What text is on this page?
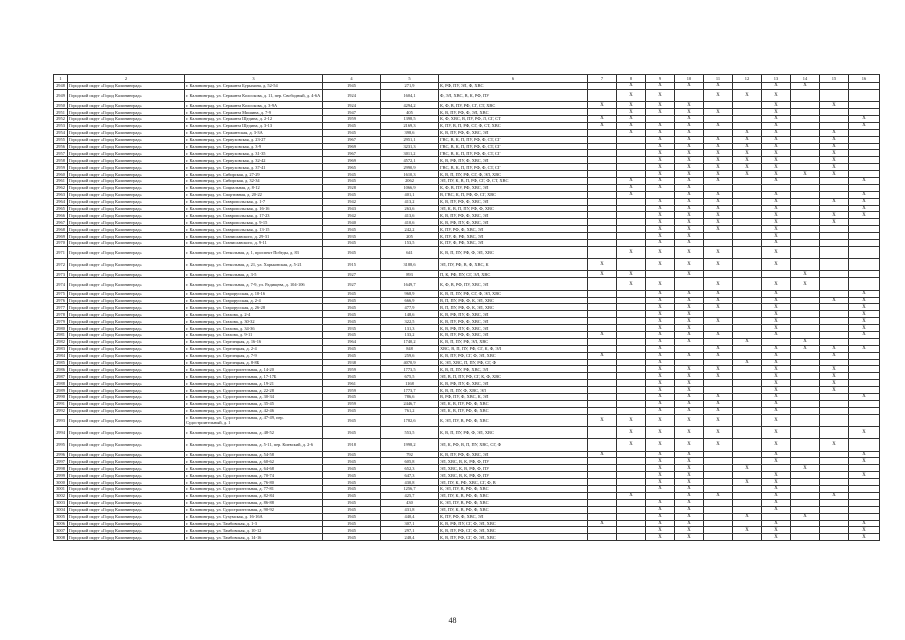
1	2	3	4	5	6	7	8	9	10	11	12	13	14	15	16
2948	Городской округ «Город Калининград»	г. Калининград, ул. Сержанта Бурыхина, д. 52-54	1945	271,9	К, РФ, ПУ, ЭЛ, Ф, ХВС		X	X	X	X		X	X		
2949	Городской округ «Город Калининград»	г. Калининград, ул. Сержанта Колоскова, д. 11, пер. Свободный, д. 4-6А	1924	1604,1	Ф, ЭЛ, ХВС, В, К, РФ, ПУ		X	X		X	X	X			
2950	Городской округ «Город Калининград»	г. Калининград, ул. Сержанта Колоскова, д. 3-9А	1924	4294,2	К, Ф, В, ПУ, РФ, СГ, СТ, ХВС	X	X	X	X			X		X	
2951	Городской округ «Город Калининград»	г. Калининград, ул. Сержанта Мишина, д. 7-9	1947	405	К, В, ПУ, РФ, Ф, ЭЛ, ХВС		X	X	X	X		X			
2952	Городской округ «Город Калининград»	г. Калининград, ул. Сержанта Щедина, д. 2-12	1959	1398,5	К, Ф, ХВС, В, ПУ, РФ, Л, СГ, СТ	X	X		X			X			X
2953	Городской округ «Город Калининград»	г. Калининград, ул. Сержанта Щедина, д. 3-13	1945	2169,3	К, ПУ, В, П, РФ, СГ, Ф, СТ, ХВС	X	X	X	X	X		X			X
2954	Городской округ «Город Калининград»	г. Калининград, ул. Сержантская, д. 3-3А	1945	398,6	К, В, ПУ, РФ, Ф, ХВС, ЭЛ		X	X	X		X	X		X	
2955	Городской округ «Город Калининград»	г. Калининград, ул. Серпуховская, д. 23-27	1967	2951,1	ГВС, В, К, П, ПУ, РФ, Ф, СТ, СГ			X	X	X	X	X		X	
2956	Городской округ «Город Калининград»	г. Калининград, ул. Серпуховская, д. 3-9	1969	3231,3	ГВС, В, К, П, ПУ, РФ, Ф, СТ, СГ			X	X	X	X	X		X	
2957	Городской округ «Город Калининград»	г. Калининград, ул. Серпуховская, д. 31-35	1967	3011,2	ГВС, В, К, П, ПУ, РФ, Ф, СТ, СГ			X	X	X	X	X		X	
2958	Городской округ «Город Калининград»	г. Калининград, ул. Серпуховская, д. 32-42	1969	4572,1	К, В, РФ, ПУ, Ф, ХВС, ЭЛ			X	X	X	X	X		X	
2959	Городской округ «Город Калининград»	г. Калининград, ул. Серпуховская, д. 37-41	1965	2990,9	ГВС, В, К, П, ПУ, РФ, Ф, СТ, СГ			X	X	X	X	X		X	
2960	Городской округ «Город Калининград»	г. Калининград, ул. Сибирская, д. 27-29	1945	1610,3	К, В, П, ПУ, РФ, СГ, Ф, ЭЛ, ХВС			X	X	X	X	X	X	X	
2961	Городской округ «Город Калининград»	г. Калининград, ул. Сибирская, д. 32-34	1945	2062	ЭЛ, ПУ, К, В, П, РФ, СГ, Ф, СТ, ХВС		X	X	X	X		X			X
2962	Городской округ «Город Калининград»	г. Калининград, ул. Социальная, д. 8-12	1928	1066,9	К, Ф, В, ПУ, РФ, ХВС, ЭЛ		X	X	X						
2963	Городской округ «Город Калининград»	г. Калининград, ул. Спортивная, д. 20-22	1945	401,1	В, ГВС, К, П, РФ, Ф, СГ, ХВС		X		X	X		X			X
2964	Городской округ «Город Калининград»	г. Калининград, ул. Ставропольская, д. 1-7	1942	413,2	К, В, ПУ, РФ, Ф, ХВС, ЭЛ			X	X	X		X		X	X
2965	Городской округ «Город Калининград»	г. Калининград, ул. Ставропольская, д. 16-16	1943	263,6	ЭЛ, К, В, П, ПУ, РФ, Ф, ХВС			X	X	X		X			X
2966	Городской округ «Город Калининград»	г. Калининград, ул. Ставропольская, д. 17-23	1942	413,6	К, В, ПУ, РФ, Ф, ХВС, ЭЛ			X	X	X		X		X	X
2967	Городской округ «Город Калининград»	г. Калининград, ул. Ставропольская, д. 9-15	1940	410,6	К, В, РФ, ПУ, Ф, ХВС, ЭЛ			X	X	X		X		X	
2968	Городской округ «Город Калининград»	г. Калининград, ул. Ставропольская, д. 13-15	1945	242,2	К, ПУ, РФ, Ф, ХВС, ЭЛ			X	X	X		X			
2969	Городской округ «Город Калининград»	г. Калининград, ул. Станиславского, д. 29-31	1935	205	К, ПУ, Ф, РФ, ХВС, ЭЛ			X	X			X			
2970	Городской округ «Город Калининград»	г. Калининград, ул. Станиславского, д. 9-11	1945	153,5	К, ПУ, Ф, РФ, ХВС, ЭЛ			X	X			X			
2971	Городской округ «Город Калининград»	г. Калининград, ул. Стекольная, д. 1, проспект Победы, д. 83	1945	641	К, В, П, ПУ, РФ, Ф, ЭЛ, ХВС		X	X	X	X		X			
2972	Городской округ «Город Калининград»	г. Калининград, ул. Стекольная, д. 21, ул. Харьковская, д. 5-21	1915	3188,6	ЭЛ, ПУ, РФ, В, Ф, ХВС, К	X		X	X	X		X			
2973	Городской округ «Город Калининград»	г. Калининград, ул. Стекольная, д. 3-5	1927	893	П, К, РФ, ПУ, СГ, ЭЛ, ХВС	X	X		X				X		
2974	Городской округ «Город Калининград»	г. Калининград, ул. Стекольная, д. 7-9, ул. Радищева, д. 104-106	1927	1649,7	К, Ф, В, РФ, ПУ, ХВС, ЭЛ		X	X		X		X	X		
2975	Городской округ «Город Калининград»	г. Калининград, ул. Старорусская, д. 10-16	1945	968,9	К, В, П, ПУ, РФ, СГ, Ф, ЭЛ, ХВС			X	X	X		X			X
2976	Городской округ «Город Калининград»	г. Калининград, ул. Старорусская, д. 2-4	1945	666,9	В, П, ПУ, РФ, Ф, К, ЭЛ, ХВС			X	X	X		X		X	X
2977	Городской округ «Город Калининград»	г. Калининград, ул. Старорусская, д. 26-28	1945	477,9	В, П, ПУ, РФ, Ф, К, ЭЛ, ХВС			X	X	X		X			X
2978	Городской округ «Город Калининград»	г. Калининград, ул. Стахова, д. 2-4	1945	148,6	К, В, РФ, ПУ, Ф, ХВС, ЭЛ			X	X			X			X
2979	Городской округ «Город Калининград»	г. Калининград, ул. Стахова, д. 30-32	1945	322,5	К, В, ПУ, РФ, Ф, ХВС, ЭЛ			X	X	X		X			X
2980	Городской округ «Город Калининград»	г. Калининград, ул. Стахова, д. 34-36	1935	131,3	К, В, РФ, ПУ, Ф, ХВС, ЭЛ			X	X			X			X
2981	Городской округ «Город Калининград»	г. Калининград, ул. Стахова, д. 9-11	1945	133,2	К, В, ПУ, РФ, Ф, ХВС, ЭЛ	X		X	X	X		X			X
2982	Городской округ «Город Калининград»	г. Калининград, ул. Стрелецкая, д. 16-16	1964	1740,2	К, В, П, ПУ, РФ, ЭЛ, ХВС			X	X		X		X		
2983	Городской округ «Город Калининград»	г. Калининград, ул. Стрелецкая, д. 2-4	1945	848	ХВС, В, П, ПУ, РФ, СГ, К, Ф, ЭЛ			X		X		X	X	X	X
2984	Городской округ «Город Калининград»	г. Калининград, ул. Стрелецкая, д. 7-9	1945	259,6	К, В, ПУ, РФ, СГ, Ф, ЭЛ, ХВС	X		X	X	X		X		X	
2985	Городской округ «Город Калининград»	г. Калининград, ул. Стрелецкая, д. 8-8Б	1938	4070,9	К, ЭЛ, ХВС, П, ПУ, РФ, СГ, Ф			X			X	X			
2986	Городской округ «Город Калининград»	г. Калининград, ул. Судостроительная, д. 14-20	1959	1773,5	К, В, П, ПУ, РФ, ХВС, ЭЛ			X	X	X		X		X	
2987	Городской округ «Город Калининград»	г. Калининград, ул. Судостроительная, д. 17-17Б	1945	675,5	ЭЛ, В, П, ПУ, РФ, СГ, К, Ф, ХВС			X	X	X		X		X	
2988	Городской округ «Город Калининград»	г. Калининград, ул. Судостроительная, д. 19-21	1961	1168	К, В, РФ, ПУ, Ф, ХВС, ЭЛ			X	X			X		X	
2989	Городской округ «Город Калининград»	г. Калининград, ул. Судостроительная, д. 22-28	1959	1773,7	К, В, П, ПУ, Ф, ХВС, ЭЛ			X	X			X		X	
2990	Городской округ «Город Калининград»	г. Калининград, ул. Судостроительная, д. 30-34	1945	786,6	В, РФ, ПУ, Ф, ХВС, К, ЭЛ			X	X	X		X			X
2991	Городской округ «Город Калининград»	г. Калининград, ул. Судостроительная, д. 35-45	1959	2446,7	ЭЛ, К, В, ПУ, РФ, Ф, ХВС			X	X	X		X			
2992	Городской округ «Город Калининград»	г. Калининград, ул. Судостроительная, д. 42-46	1945	761,2	ЭЛ, К, В, ПУ, РФ, Ф, ХВС			X	X	X		X			
2993	Городской округ «Город Калининград»	г. Калининград, ул. Судостроительная, д. 47-49, пер. Судостроительный, д. 1	1945	1782,6	К, ЭЛ, ПУ, В, РФ, Ф, ХВС	X	X	X	X	X		X			
2994	Городской округ «Город Калининград»	г. Калининград, ул. Судостроительная, д. 48-52	1945	553,5	К, В, П, ПУ, РФ, Ф, ЭЛ, ХВС		X	X	X	X		X			X
2995	Городской округ «Город Калининград»	г. Калининград, ул. Судостроительная, д. 5-11, пер. Киевский, д. 2-6	1918	1998,2	ЭЛ, К, РФ, В, П, ПУ, ХВС, СГ, Ф		X	X	X	X		X		X	
2996	Городской округ «Город Калининград»	г. Калининград, ул. Судостроительная, д. 54-58	1945	792	К, В, ПУ, РФ, Ф, ХВС, ЭЛ	X		X	X			X			X
2997	Городской округ «Город Калининград»	г. Калининград, ул. Судостроительная, д. 60-62	1945	605,8	ЭЛ, ХВС, В, К, РФ, Ф, ПУ			X	X			X			X
2998	Городской округ «Город Калининград»	г. Калининград, ул. Судостроительная, д. 64-68	1945	652,3	ЭЛ, ХВС, К, В, РФ, Ф, ПУ			X	X		X		X		
2999	Городской округ «Город Калининград»	г. Калининград, ул. Судостроительная, д. 70-74	1945	647,3	ЭЛ, ХВС, В, К, РФ, Ф, ПУ			X	X			X			X
3000	Городской округ «Город Калининград»	г. Калининград, ул. Судостроительная, д. 76-80	1945	430,8	ЭЛ, ПУ, К, РФ, ХВС, СГ, Ф, В			X	X		X	X			
3001	Городской округ «Город Калининград»	г. Калининград, ул. Судостроительная, д. 77-81	1945	1256,7	К, ЭЛ, ПУ, В, РФ, Ф, ХВС			X	X			X			
3002	Городской округ «Город Калининград»	г. Калининград, ул. Судостроительная, д. 82-84	1945	425,7	ЭЛ, ПУ, К, В, РФ, Ф, ХВС		X		X	X		X		X	
3003	Городской округ «Город Калининград»	г. Калининград, ул. Судостроительная, д. 86-88	1945	430	К, ЭЛ, ПУ, В, РФ, Ф, ХВС			X	X			X			
3004	Городской округ «Город Калининград»	г. Калининград, ул. Судостроительная, д. 90-92	1945	431,8	ЭЛ, ПУ, К, В, РФ, Ф, ХВС			X	X			X			
3005	Городской округ «Город Калининград»	г. Калининград, ул. Сухумская, д. 16-16А	1945	440,4	К, ПУ, РФ, Ф, ХВС, ЭЛ			X	X		X		X		
3006	Городской округ «Город Калининград»	г. Калининград, ул. Тамбовская, д. 1-3	1945	307,1	К, В, РФ, ПУ, СГ, Ф, ЭЛ, ХВС	X		X	X			X			X
3007	Городской округ «Город Калининград»	г. Калининград, ул. Тамбовская, д. 10-12	1945	297,1	К, В, ПУ, РФ, СГ, Ф, ЭЛ, ХВС			X	X		X	X			X
3008	Городской округ «Город Калининград»	г. Калининград, ул. Тамбовская, д. 14-16	1945	248,4	К, В, ПУ, РФ, СГ, Ф, ЭЛ, ХВС			X	X			X			X
48
